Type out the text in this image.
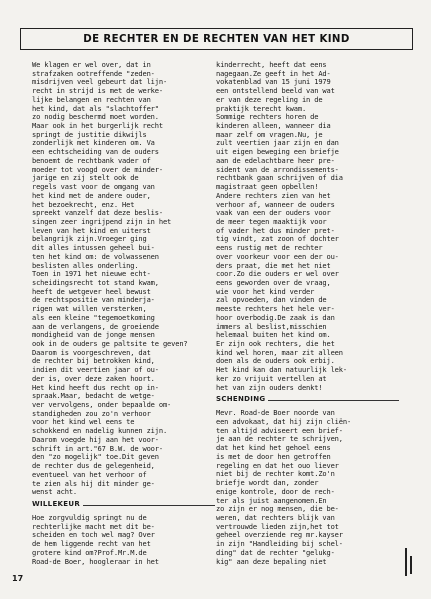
DE RECHTER EN DE RECHTEN VAN HET KIND
We klagen er wel over, dat in
strafzaken ootreffende "zeden-
misdrijven veel gebeurt dat lijn-
recht in strijd is met de werke-
lijke belangen en rechten van
het kind, dat als "slachtoffer"
zo nodig beschermd moet worden.
Maar ook in het burgerlijk recht
springt de justitie dikwijls
zonderlijk met kinderen om. Va
een echtscheiding van de ouders
benoemt de rechtbank vader of
moeder tot voogd over de minder-
jarige en zij stelt ook de
regels vast voor de omgang van
het kind met de andere ouder,
het bezoekrecht, enz. Het
spreekt vanzelf dat deze beslis-
singen zeer ingrijpend zijn in het
leven van het kind en uiterst
belangrijk zijn.Vroeger ging
dit alles intussen geheel bui-
ten het kind om: de volwassenen
beslisten alles onderling.
Toen in 1971 het nieuwe echt-
scheidingsrecht tot stand kwam,
heeft de wetgever heel bewust
de rechtspositie van minderja-
rigen wat willen versterken,
als een kleine "tegemoetkoming
aan de verlangens, de groeiende
mondigheid van de jonge mensen
ook in de ouders ge paltsite te geven?
Daarom is voorgeschreven, dat
de rechter bij betrokken kind,
indien dit veertien jaar of ou-
der is, over deze zaken hoort.
Het kind heeft dus recht op in-
spraak.Maar, bedacht de wetge-
ver vervolgens, onder bepaalde om-
standigheden zou zo'n verhoor
voor het kind wel eens te
schokkend en nadelig kunnen zijn.
Daarom voegde hij aan het voor-
schrift in art."67 B.W. de woor-
den "zo mogelijk" toe.Dit geven
de rechter dus de gelegenheid,
eventueel van het verhoor of
te zien als hij dit minder ge-
wenst acht.
WILLEKEUR
Hoe zorgvuldig springt nu de
rechterlijke macht met dit be-
scheiden en toch wel mag? Over
de hem liggende recht van het
grotere kind om?Prof.Mr.M.de
Road-de Boer, hoogleraar in het
kinderrecht, heeft dat eens
nagegaan.Ze geeft in het Ad-
vokatenblad van 15 juni 1979
een ontstellend beeld van wat
er van deze regeling in de
praktijk terecht kwam.
Sommige rechters horen de
kinderen alleen, wanneer dia
maar zelf om vragen.Nu, je
zult veertien jaar zijn en dan
uit eigen beweging een briefje
aan de edelachtbare heer pre-
sident van de arrondissements-
rechtbank gaan schrijven of dia
magistraat geen opbellen!
Andere rechters zien van het
verhoor af, wanneer de ouders
vaak van een der ouders voor
de meer tegen maaktijk voor
of vader het dus minder pret-
tig vindt, zat zoon of dochter
eens rustig met de rechter
over voorkeur voor een der ou-
ders praat, die met het niet
coor.Zo die ouders er wel over
eens geworden over de vraag,
wie voor het kind verder
zal opvoeden, dan vinden de
meeste rechters het hele ver-
hoor overbodig.De zaak is dan
immers al beslist,misschien
helemaal buiten het kind om.
Er zijn ook rechters, die het
kind wel horen, maar zit alleen
doen als de ouders ook erbij.
Het kind kan dan natuurlijk lek-
ker zo vrijuit vertellen at
het van zijn ouders denkt!
SCHENDING
Mevr. Road-de Boer noorde van
een advokaat, dat hij zijn cliën-
ten altijd adviseert een brief-
je aan de rechter te schrijven,
dat het kind het gehoel eens
is met de door hen getroffen
regeling en dat het ouo liever
niet bij de rechter komt.Zo'n
briefje wordt dan, zonder
enige kontrole, door de rech-
ter als juist aangenomen.En
zo zijn er nog mensen, die be-
weren, dat rechters blijk van
vertrouwde lieden zijn,het tot
geheel overziende reg mr.kayser
in zijn "Handleiding bij schel-
ding" dat de rechter "gelukg-
kig" aan deze bepaling niet
17
